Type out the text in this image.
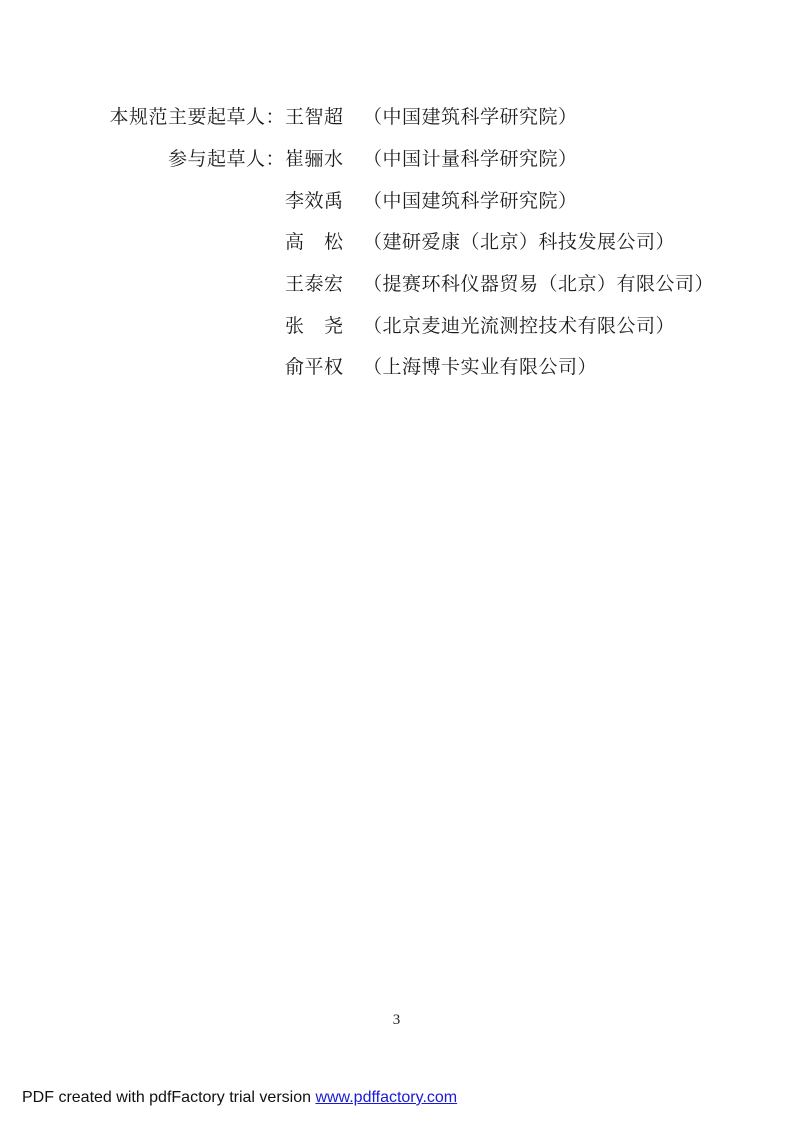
本规范主要起草人： 王智超	（中国建筑科学研究院）
参与起草人： 崔骊水	（中国计量科学研究院）
李效禹	（中国建筑科学研究院）
高　松	（建研爱康（北京）科技发展公司）
王泰宏	（提赛环科仪器贸易（北京）有限公司）
张　尧	（北京麦迪光流测控技术有限公司）
俞平权	（上海博卡实业有限公司）
3
PDF created with pdfFactory trial version www.pdffactory.com
